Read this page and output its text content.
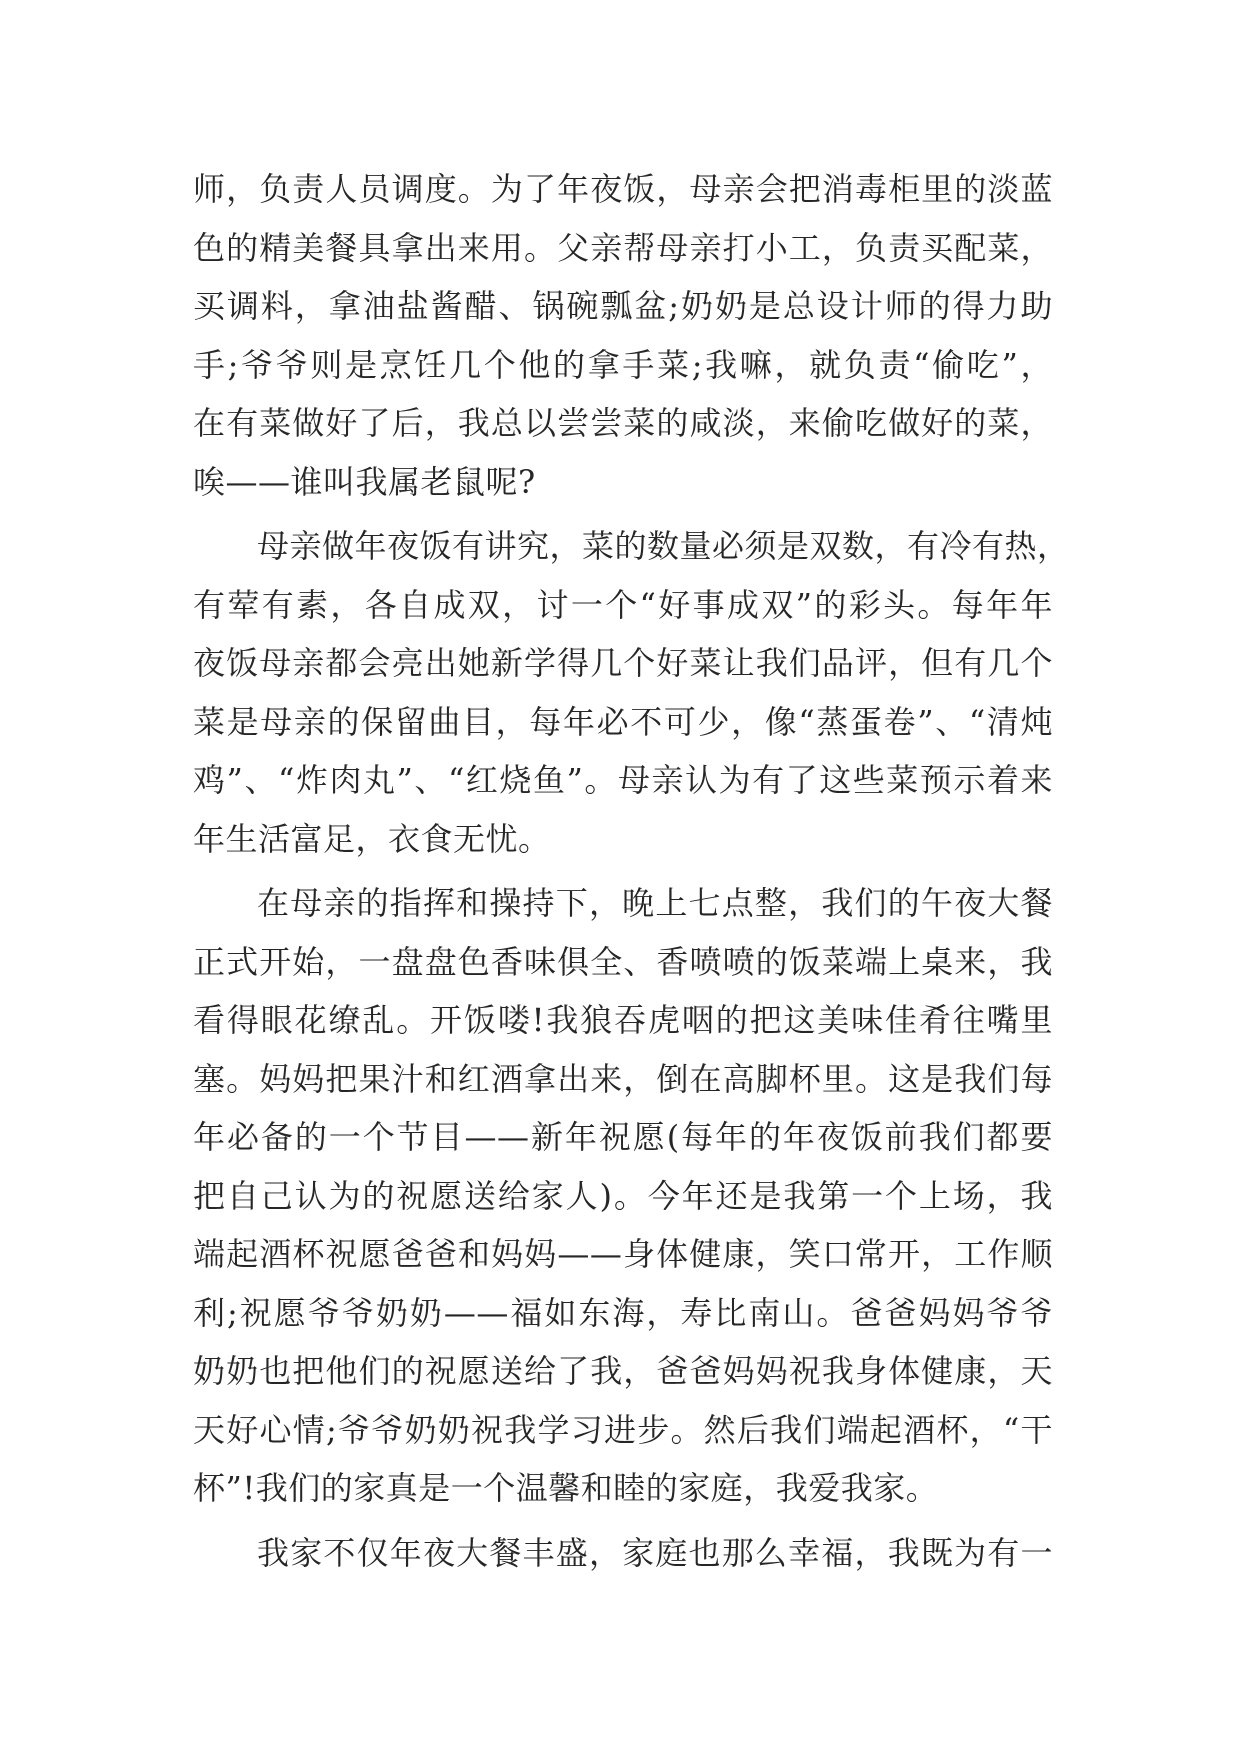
师，负责人员调度。为了年夜饭，母亲会把消毒柜里的淡蓝
色的精美餐具拿出来用。父亲帮母亲打小工，负责买配菜，
买调料，拿油盐酱醋、锅碗瓢盆;奶奶是总设计师的得力助
手;爷爷则是烹饪几个他的拿手菜;我嘛，就负责“偷吃”，
在有菜做好了后，我总以尝尝菜的咸淡，来偷吃做好的菜，
唉——谁叫我属老鼠呢?
母亲做年夜饭有讲究，菜的数量必须是双数，有冷有热，
有荤有素，各自成双，讨一个“好事成双”的彩头。每年年
夜饭母亲都会亮出她新学得几个好菜让我们品评，但有几个
菜是母亲的保留曲目，每年必不可少，像“蒸蛋卷”、“清炖
鸡”、“炸肉丸”、“红烧鱼”。母亲认为有了这些菜预示着来
年生活富足，衣食无忧。
在母亲的指挥和操持下，晚上七点整，我们的午夜大餐
正式开始，一盘盘色香味俱全、香喷喷的饭菜端上桌来，我
看得眼花缭乱。开饭喽!我狼吞虎咽的把这美味佳肴往嘴里
塞。妈妈把果汁和红酒拿出来，倒在高脚杯里。这是我们每
年必备的一个节目——新年祝愿(每年的年夜饭前我们都要
把自己认为的祝愿送给家人)。今年还是我第一个上场，我
端起酒杯祝愿爸爸和妈妈——身体健康，笑口常开，工作顺
利;祝愿爷爷奶奶——福如东海，寿比南山。爸爸妈妈爷爷
奶奶也把他们的祝愿送给了我，爸爸妈妈祝我身体健康，天
天好心情;爷爷奶奶祝我学习进步。然后我们端起酒杯，“干
杯”!我们的家真是一个温馨和睦的家庭，我爱我家。
我家不仅年夜大餐丰盛，家庭也那么幸福，我既为有一
